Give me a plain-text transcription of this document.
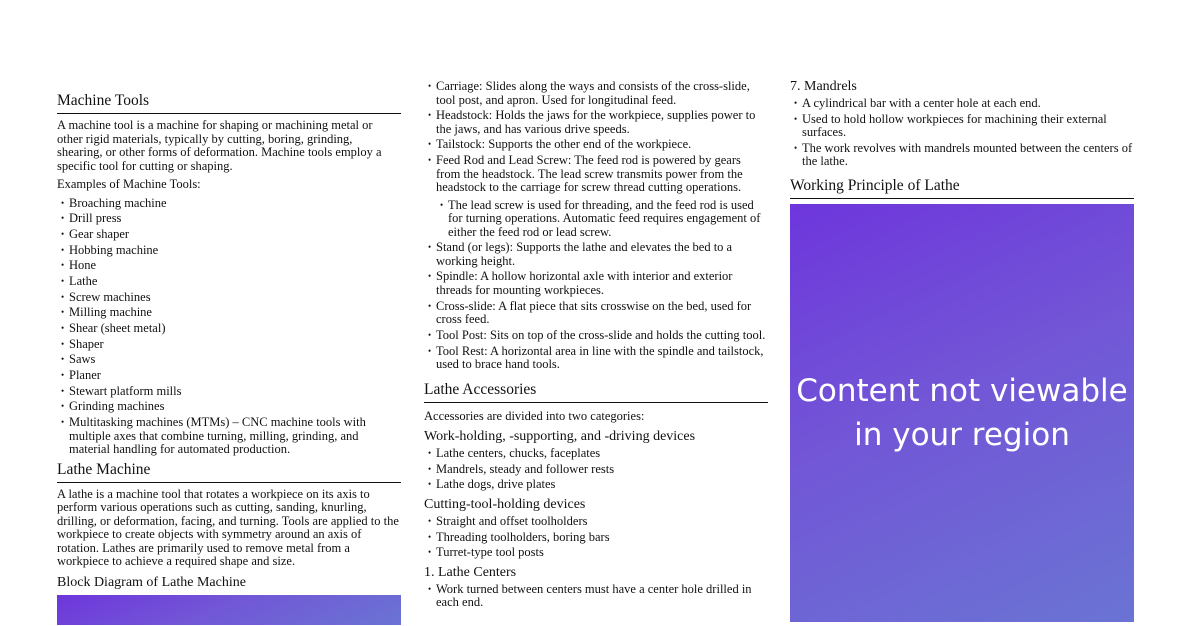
Machine Tools

A machine tool is a machine for shaping or machining metal or other rigid materials, typically by cutting, boring, grinding, shearing, or other forms of deformation. Machine tools employ a specific tool for cutting or shaping.

Examples of Machine Tools:

• Broaching machine
• Drill press
• Gear shaper
• Hobbing machine
• Hone
• Lathe
• Screw machines
• Milling machine
• Shear (sheet metal)
• Shaper
• Saws
• Planer
• Stewart platform mills
• Grinding machines
• Multitasking machines (MTMs) – CNC machine tools with multiple axes that combine turning, milling, grinding, and material handling for automated production.
Lathe Machine

A lathe is a machine tool that rotates a workpiece on its axis to perform various operations such as cutting, sanding, knurling, drilling, or deformation, facing, and turning. Tools are applied to the workpiece to create objects with symmetry around an axis of rotation. Lathes are primarily used to remove metal from a workpiece to achieve a required shape and size.

Block Diagram of Lathe Machine
• Carriage: Slides along the ways and consists of the cross-slide, tool post, and apron. Used for longitudinal feed.
• Headstock: Holds the jaws for the workpiece, supplies power to the jaws, and has various drive speeds.
• Tailstock: Supports the other end of the workpiece.
• Feed Rod and Lead Screw: The feed rod is powered by gears from the headstock. The lead screw transmits power from the headstock to the carriage for screw thread cutting operations.
• The lead screw is used for threading, and the feed rod is used for turning operations. Automatic feed requires engagement of either the feed rod or lead screw.
• Stand (or legs): Supports the lathe and elevates the bed to a working height.
• Spindle: A hollow horizontal axle with interior and exterior threads for mounting workpieces.
• Cross-slide: A flat piece that sits crosswise on the bed, used for cross feed.
• Tool Post: Sits on top of the cross-slide and holds the cutting tool.
• Tool Rest: A horizontal area in line with the spindle and tailstock, used to brace hand tools.
Lathe Accessories

Accessories are divided into two categories:

Work-holding, -supporting, and -driving devices
• Lathe centers, chucks, faceplates
• Mandrels, steady and follower rests
• Lathe dogs, drive plates
Cutting-tool-holding devices
• Straight and offset toolholders
• Threading toolholders, boring bars
• Turret-type tool posts
1. Lathe Centers
• Work turned between centers must have a center hole drilled in each end.
7. Mandrels
• A cylindrical bar with a center hole at each end.
• Used to hold hollow workpieces for machining their external surfaces.
• The work revolves with mandrels mounted between the centers of the lathe.
Working Principle of Lathe
Content not viewable
in your region
